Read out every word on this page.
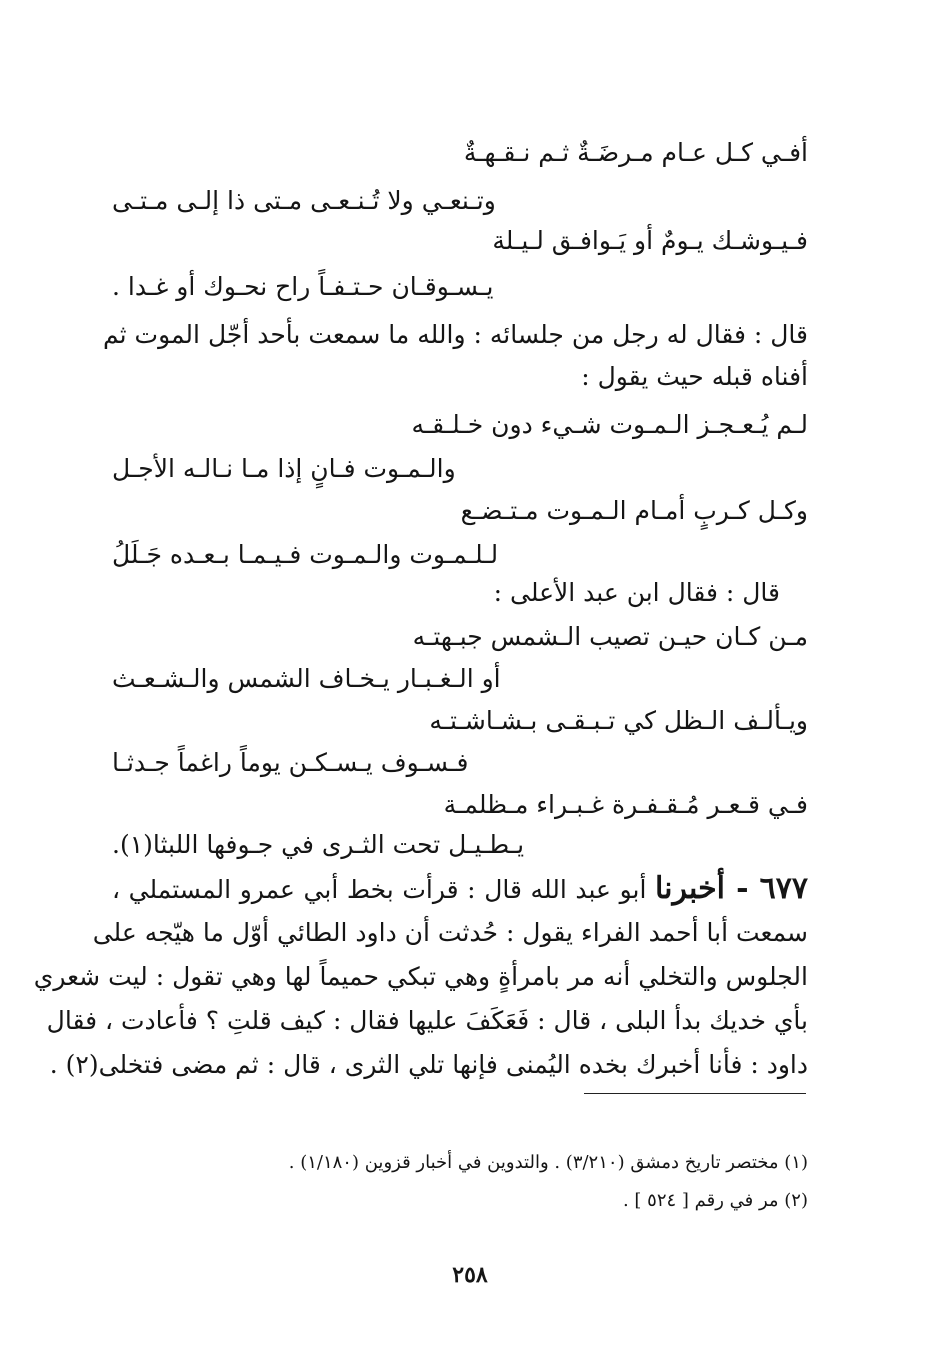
أفـي كـل عـام مـرضَـةٌ ثـم نـقـهـةٌ
وتـنعـي ولا تُـنـعـى مـتى ذا إلـى مـتـى
فـيـوشـك يـومٌ أو يَـوافـق لـيـلة
يـسـوقـان حـتـفـاً راح نحـوك أو غـدا .
قال : فقال له رجل من جلسائه : والله ما سمعت بأحد أجّل الموت ثم
أفناه قبله حيث يقول :
لـم يُـعـجـز الـمـوت شـيء دون خـلـقـه
والـمـوت فـانٍ إذا مـا نـالـه الأجـل
وكـل كـربٍ أمـام الـمـوت مـتـضـع
لـلـمـوت والـمـوت فـيـمـا بـعـده جَـلَلُ
قال : فقال ابن عبد الأعلى :
مـن كـان حيـن تصيب الـشمس جبـهتـه
أو الـغـبـار يـخـاف الشمس والـشـعـث
ويـألـف الـظل كي تـبـقـى بـشـاشـتـه
فـسـوف يـسـكـن يوماً راغماً جـدثـا
فـي قـعـر مُـقـفـرة غـبـراء مـظلمـة
يـطـيـل تحت الثـرى في جـوفها اللبثا(١).
٦٧٧ - أخبرنا أبو عبد الله قال : قرأت بخط أبي عمرو المستملي ،
سمعت أبا أحمد الفراء يقول : حُدثت أن داود الطائي أوّل ما هيّجه على
الجلوس والتخلي أنه مر بامرأةٍ وهي تبكي حميماً لها وهي تقول : ليت شعري
بأي خديك بدأ البلى ، قال : فَعَكَفَ عليها فقال : كيف قلتِ ؟ فأعادت ، فقال
داود : فأنا أخبرك بخده اليُمنى فإنها تلي الثرى ، قال : ثم مضى فتخلى(٢) .
(١) مختصر تاريخ دمشق (٣/٢١٠) . والتدوين في أخبار قزوين (١/١٨٠) .
(٢) مر في رقم [ ٥٢٤ ] .
٢٥٨
